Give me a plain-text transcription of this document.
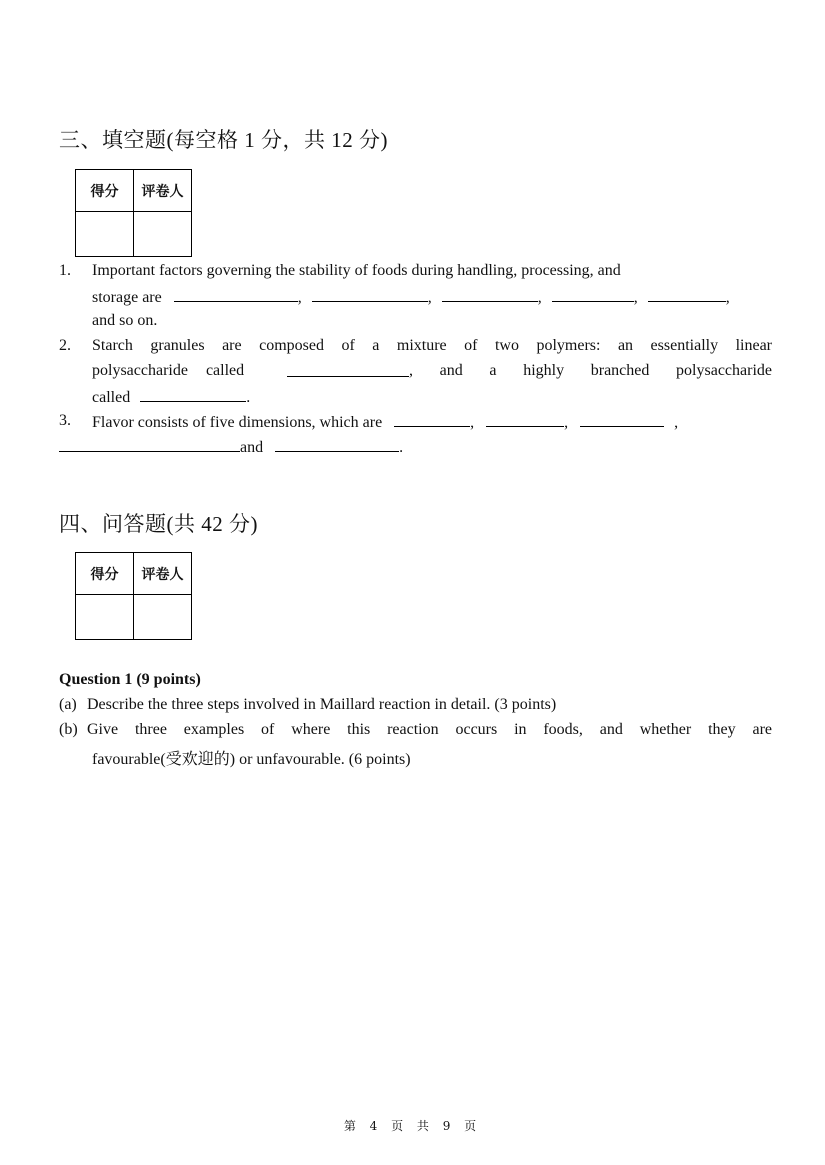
三、填空题(每空格 1 分，共 12 分)
得分	评卷人

1. Important factors governing the stability of foods during handling, processing, and
storage are	,	,	,	,	,
and so on.
2. Starch granules are composed of a mixture of two polymers: an essentially linear
polysaccharide called	, and a highly branched polysaccharide
called	.
3. Flavor consists of five dimensions, which are	,	,	,
and	.
四、问答题(共 42 分)
得分	评卷人

Question 1 (9 points)
(a) Describe the three steps involved in Maillard reaction in detail. (3 points)
(b) Give three examples of where this reaction occurs in foods, and whether they are
favourable(受欢迎的) or unfavourable. (6 points)
第 4 页 共 9 页
